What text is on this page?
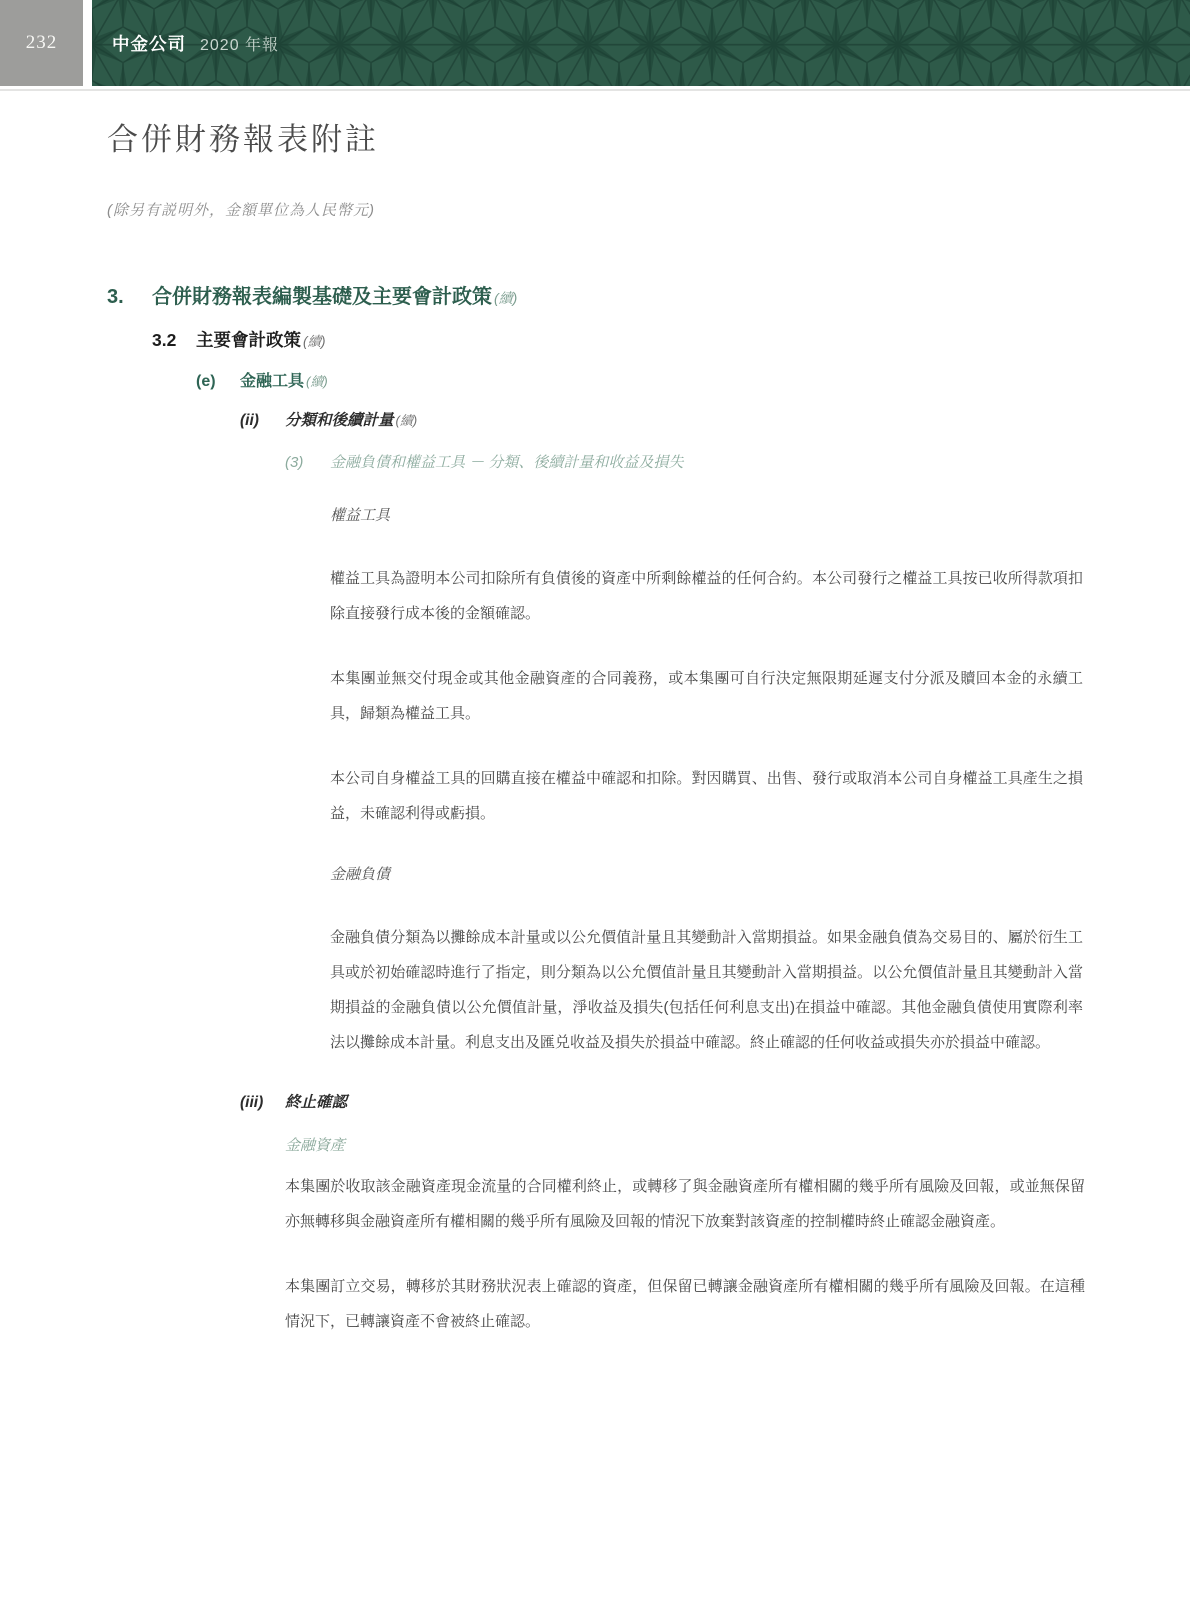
232	中金公司 2020 年報
合併財務報表附註

(除另有説明外，金額單位為人民幣元)

3.	合併財務報表編製基礎及主要會計政策 (續)
3.2	主要會計政策 (續)
(e)	金融工具 (續)
(ii)	分類和後續計量 (續)
(3)	金融負債和權益工具 － 分類、後續計量和收益及損失

權益工具

權益工具為證明本公司扣除所有負債後的資產中所剩餘權益的任何合約。本公司發行之權益工具按已收所得款項扣除直接發行成本後的金額確認。

本集團並無交付現金或其他金融資產的合同義務，或本集團可自行決定無限期延遲支付分派及贖回本金的永續工具，歸類為權益工具。

本公司自身權益工具的回購直接在權益中確認和扣除。對因購買、出售、發行或取消本公司自身權益工具產生之損益，未確認利得或虧損。

金融負債

金融負債分類為以攤餘成本計量或以公允價值計量且其變動計入當期損益。如果金融負債為交易目的、屬於衍生工具或於初始確認時進行了指定，則分類為以公允價值計量且其變動計入當期損益。以公允價值計量且其變動計入當期損益的金融負債以公允價值計量，淨收益及損失(包括任何利息支出)在損益中確認。其他金融負債使用實際利率法以攤餘成本計量。利息支出及匯兑收益及損失於損益中確認。終止確認的任何收益或損失亦於損益中確認。

(iii)	終止確認

金融資產

本集團於收取該金融資產現金流量的合同權利終止，或轉移了與金融資產所有權相關的幾乎所有風險及回報，或並無保留亦無轉移與金融資產所有權相關的幾乎所有風險及回報的情況下放棄對該資產的控制權時終止確認金融資產。

本集團訂立交易，轉移於其財務狀況表上確認的資產，但保留已轉讓金融資產所有權相關的幾乎所有風險及回報。在這種情況下，已轉讓資產不會被終止確認。
